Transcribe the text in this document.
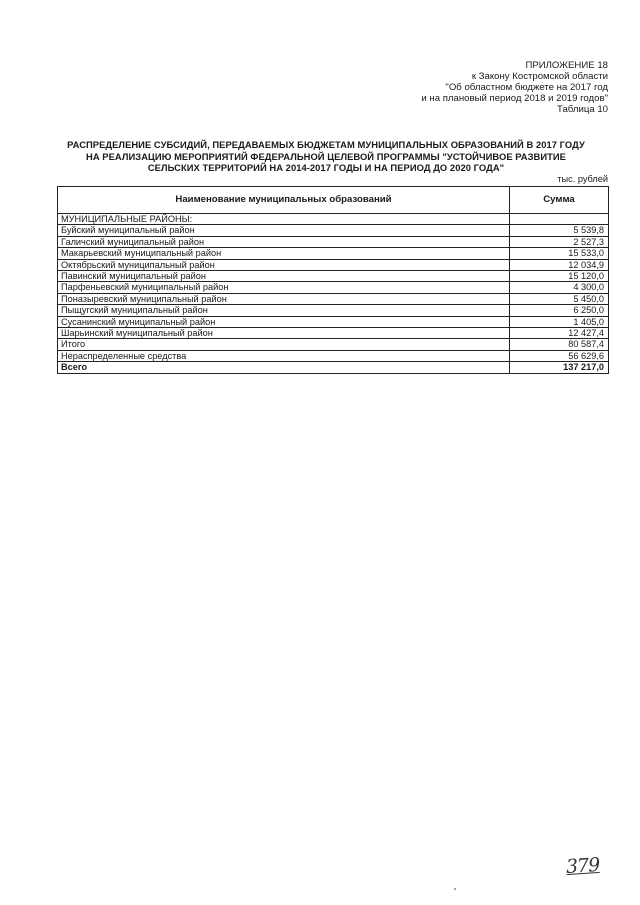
ПРИЛОЖЕНИЕ 18
к Закону Костромской области
"Об областном бюджете на 2017 год
и на плановый период 2018 и 2019 годов"
Таблица 10
РАСПРЕДЕЛЕНИЕ СУБСИДИЙ, ПЕРЕДАВАЕМЫХ БЮДЖЕТАМ МУНИЦИПАЛЬНЫХ ОБРАЗОВАНИЙ В 2017 ГОДУ
НА РЕАЛИЗАЦИЮ МЕРОПРИЯТИЙ ФЕДЕРАЛЬНОЙ ЦЕЛЕВОЙ ПРОГРАММЫ "УСТОЙЧИВОЕ РАЗВИТИЕ
СЕЛЬСКИХ ТЕРРИТОРИЙ НА 2014-2017 ГОДЫ И НА ПЕРИОД ДО 2020 ГОДА"
тыс. рублей
Наименование муниципальных образований	Сумма
МУНИЦИПАЛЬНЫЕ РАЙОНЫ:	
Буйский муниципальный район	5 539,8
Галичский муниципальный район	2 527,3
Макарьевский муниципальный район	15 533,0
Октябрьский муниципальный район	12 034,9
Павинский муниципальный район	15 120,0
Парфеньевский муниципальный район	4 300,0
Поназыревский муниципальный район	5 450,0
Пыщугский муниципальный район	6 250,0
Сусанинский муниципальный район	1 405,0
Шарьинский муниципальный район	12 427,4
Итого	80 587,4
Нераспределенные средства	56 629,6
Всего	137 217,0
379
